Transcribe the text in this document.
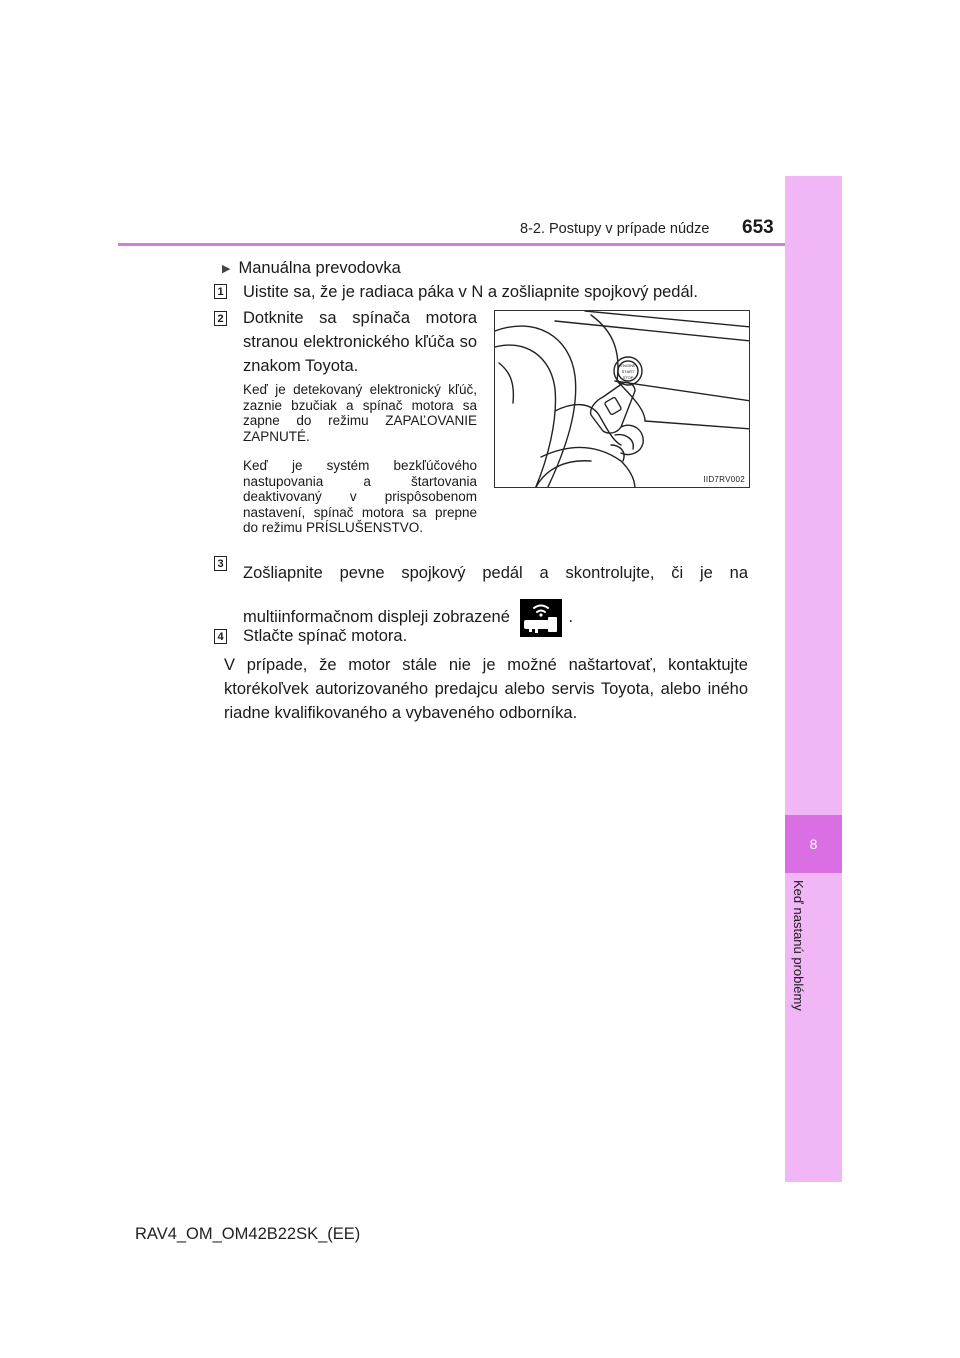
8
Keď nastanú problémy
8-2. Postupy v prípade núdze 653
▶ Manuálna prevodovka
1 Uistite sa, že je radiaca páka v N a zošliapnite spojkový pedál.
2 Dotknite sa spínača motora stranou elektronického kľúča so znakom Toyota.
Keď je detekovaný elektronický kľúč, zaznie bzučiak a spínač motora sa zapne do režimu ZAPAĽOVANIE ZAPNUTÉ.
Keď je systém bezkľúčového nastupovania a štartovania deaktivovaný v prispôsobenom nastavení, spínač motora sa prepne do režimu PRÍSLUŠENSTVO.
ENGINE
START
STOP
IID7RV002
3
Zošliapnite pevne spojkový pedál a skontrolujte, či je na multiinformačnom displeji zobrazené	.
4 Stlačte spínač motora.
V prípade, že motor stále nie je možné naštartovať, kontaktujte ktorékoľvek autorizovaného predajcu alebo servis Toyota, alebo iného riadne kvalifikovaného a vybaveného odborníka.
RAV4_OM_OM42B22SK_(EE)
